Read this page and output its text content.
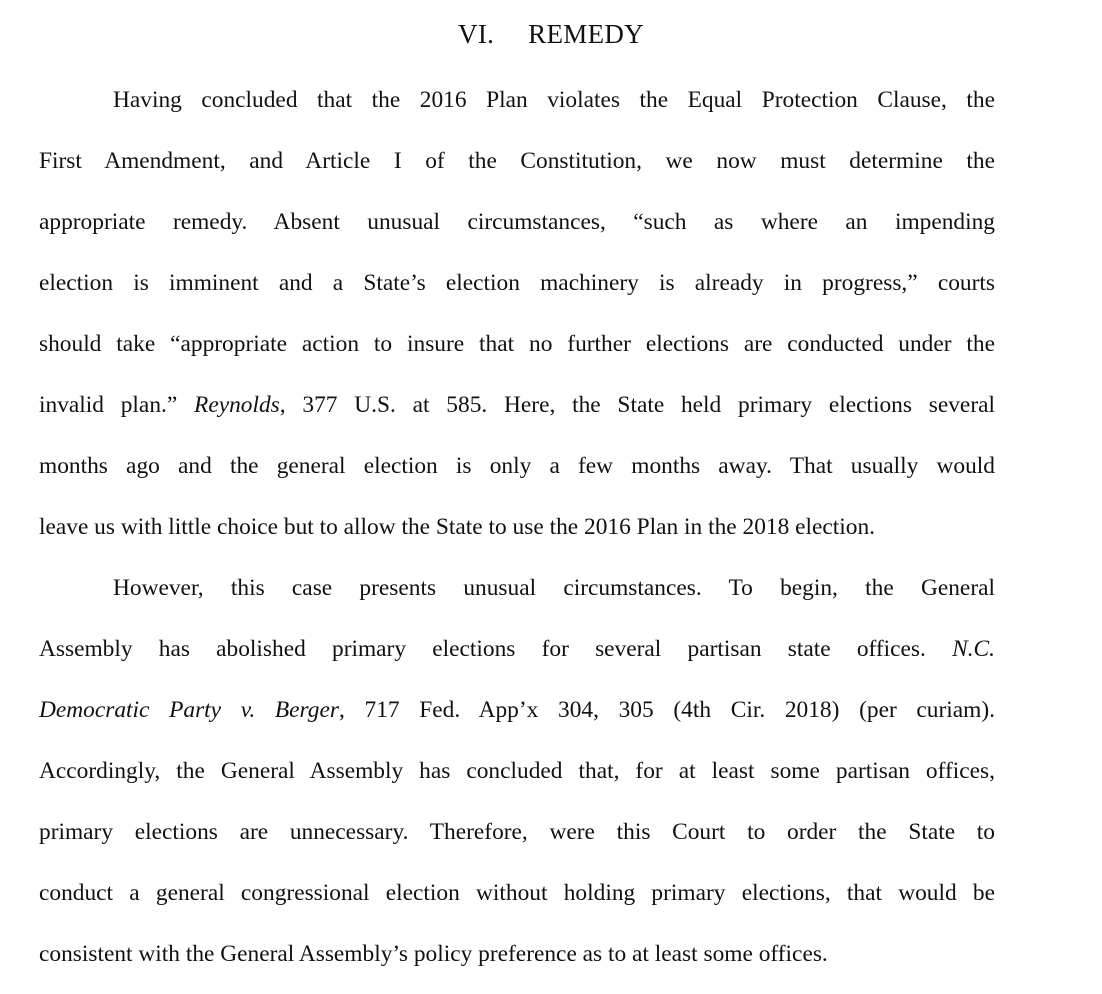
VI. REMEDY
Having concluded that the 2016 Plan violates the Equal Protection Clause, the
First Amendment, and Article I of the Constitution, we now must determine the
appropriate remedy. Absent unusual circumstances, “such as where an impending
election is imminent and a State’s election machinery is already in progress,” courts
should take “appropriate action to insure that no further elections are conducted under the
invalid plan.” Reynolds, 377 U.S. at 585. Here, the State held primary elections several
months ago and the general election is only a few months away. That usually would
leave us with little choice but to allow the State to use the 2016 Plan in the 2018 election.
However, this case presents unusual circumstances. To begin, the General
Assembly has abolished primary elections for several partisan state offices. N.C.
Democratic Party v. Berger, 717 Fed. App’x 304, 305 (4th Cir. 2018) (per curiam).
Accordingly, the General Assembly has concluded that, for at least some partisan offices,
primary elections are unnecessary. Therefore, were this Court to order the State to
conduct a general congressional election without holding primary elections, that would be
consistent with the General Assembly’s policy preference as to at least some offices.
